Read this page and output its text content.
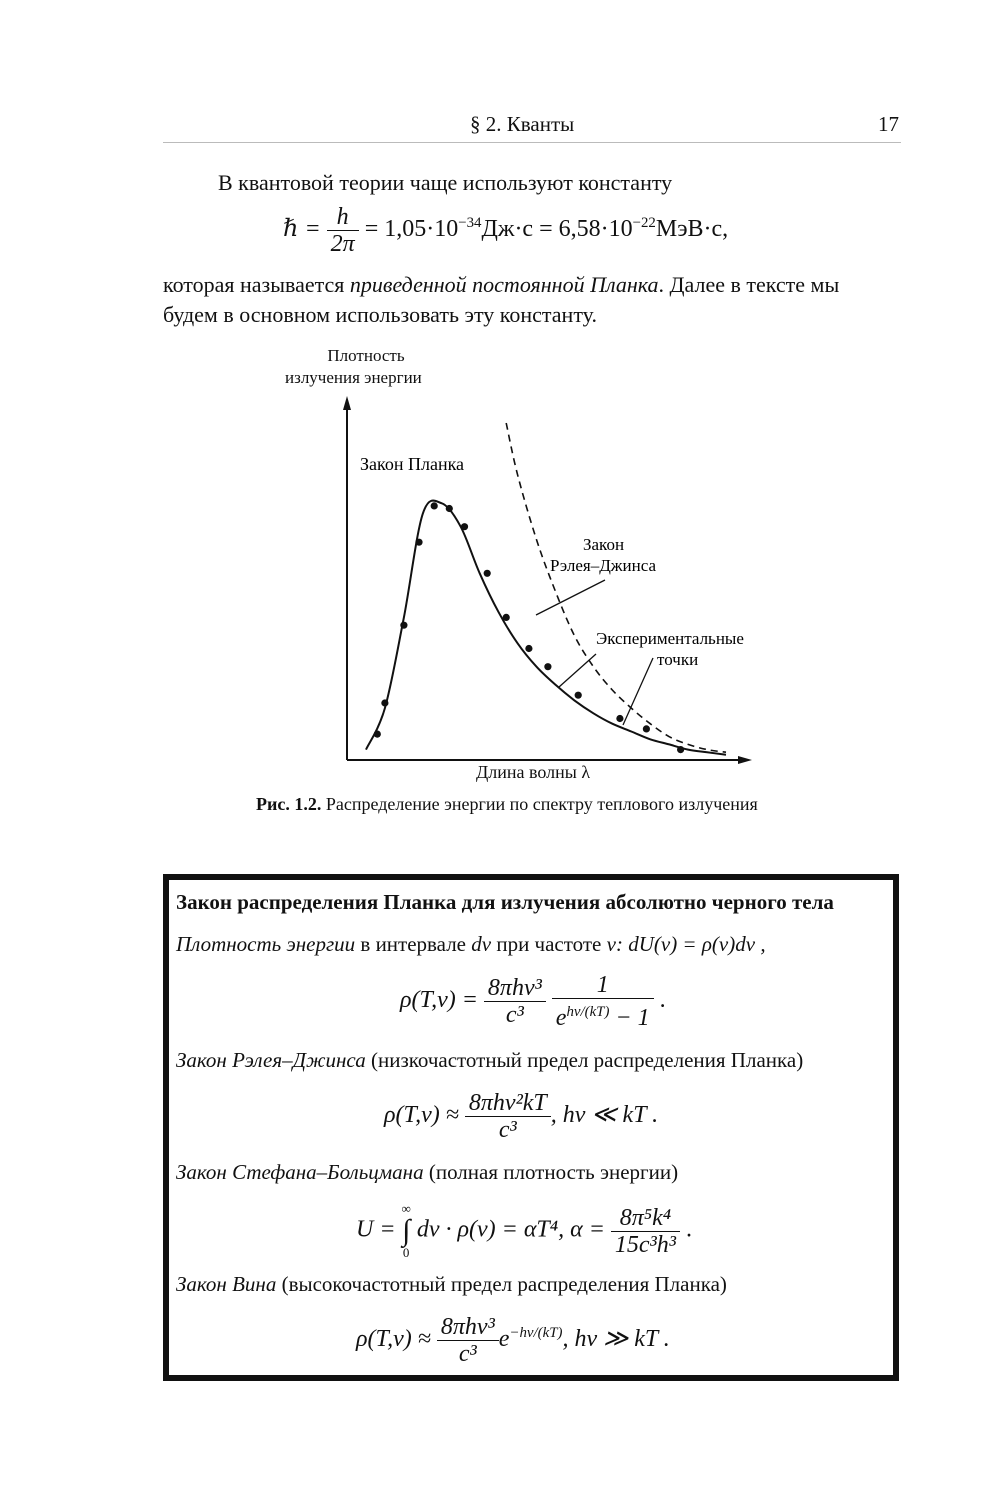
§ 2. Кванты	17
В квантовой теории чаще используют константу
ℏ = $\frac{h}{2\pi} = 1,05\cdot 10^{-34}Дж\cdot с = 6,58\cdot 10^{-22}МэВ\cdot с$,
которая называется приведенной постоянной Планка. Далее в тексте мы
будем в основном использовать эту константу.
Плотность
излучения энергии
Закон Планка
Закон
Рэлея–Джинса
Экспериментальные
точки
Длина волны λ
Рис. 1.2. Распределение энергии по спектру теплового излучения
Закон распределения Планка для излучения абсолютно черного тела
Плотность энергии в интервале dν при частоте ν: dU(ν) = ρ(ν)dν ,
$\rho(T,\nu) = \frac{\text{8πhν³}}{\text{c³}}$
$\frac{1}{e^{h\nu/(kT)} - 1}$ .
Закон Рэлея–Джинса (низкочастотный предел распределения Планка)
$\rho(T,\nu) \approx \frac{\text{8πhν²kT}}{\text{c³}}$ , hν ≪ kT .
Закон Стефана–Больцмана (полная плотность энергии)
U =
∞
∫
0
dν · ρ(ν) = αT⁴, $\alpha = \frac{\text{8π⁵k⁴}}{\text{15c³h³}}$ .
Закон Вина (высокочастотный предел распределения Планка)
$\rho(T,\nu) \approx \frac{\text{8πhν³}}{\text{c³}} e^{-h\nu/(kT)}$, hν ≫ kT .
